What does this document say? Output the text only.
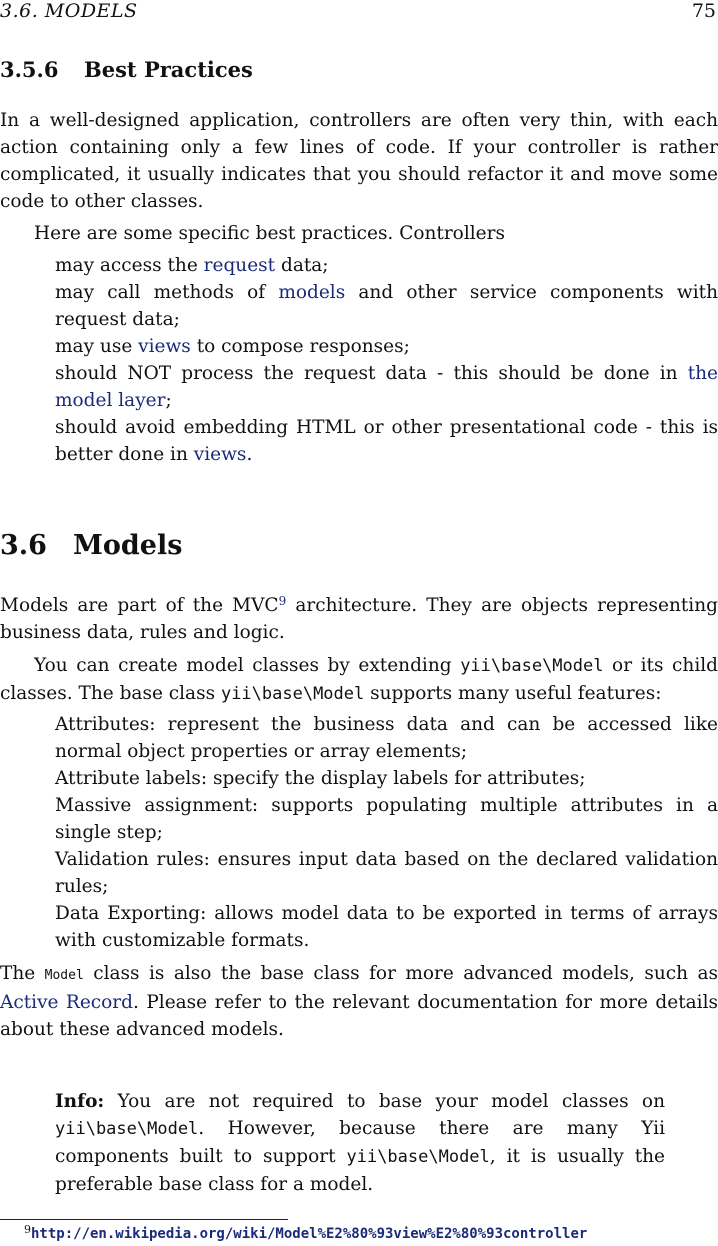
3.6. MODELS	75
3.5.6 Best Practices
In a well-designed application, controllers are often very thin, with each action containing only a few lines of code. If your controller is rather complicated, it usually indicates that you should refactor it and move some code to other classes.
Here are some specific best practices. Controllers

may access the request data;

may call methods of models and other service components with request data;

may use views to compose responses;

should NOT process the request data - this should be done in the model layer;

should avoid embedding HTML or other presentational code - this is better done in views.

3.6 Models
Models are part of the MVC$^9$ architecture. They are objects representing business data, rules and logic.
You can create model classes by extending yii\base\Model or its child classes. The base class yii\base\Model supports many useful features:

Attributes: represent the business data and can be accessed like normal object properties or array elements;

Attribute labels: specify the display labels for attributes;

Massive assignment: supports populating multiple attributes in a single step;

Validation rules: ensures input data based on the declared validation rules;

Data Exporting: allows model data to be exported in terms of arrays with customizable formats.

The Model class is also the base class for more advanced models, such as Active Record. Please refer to the relevant documentation for more details about these advanced models.
Info: You are not required to base your model classes on yii\base\Model. However, because there are many Yii components built to support yii\base\Model, it is usually the preferable base class for a model.
$^9$http://en.wikipedia.org/wiki/Model%E2%80%93view%E2%80%93controller
